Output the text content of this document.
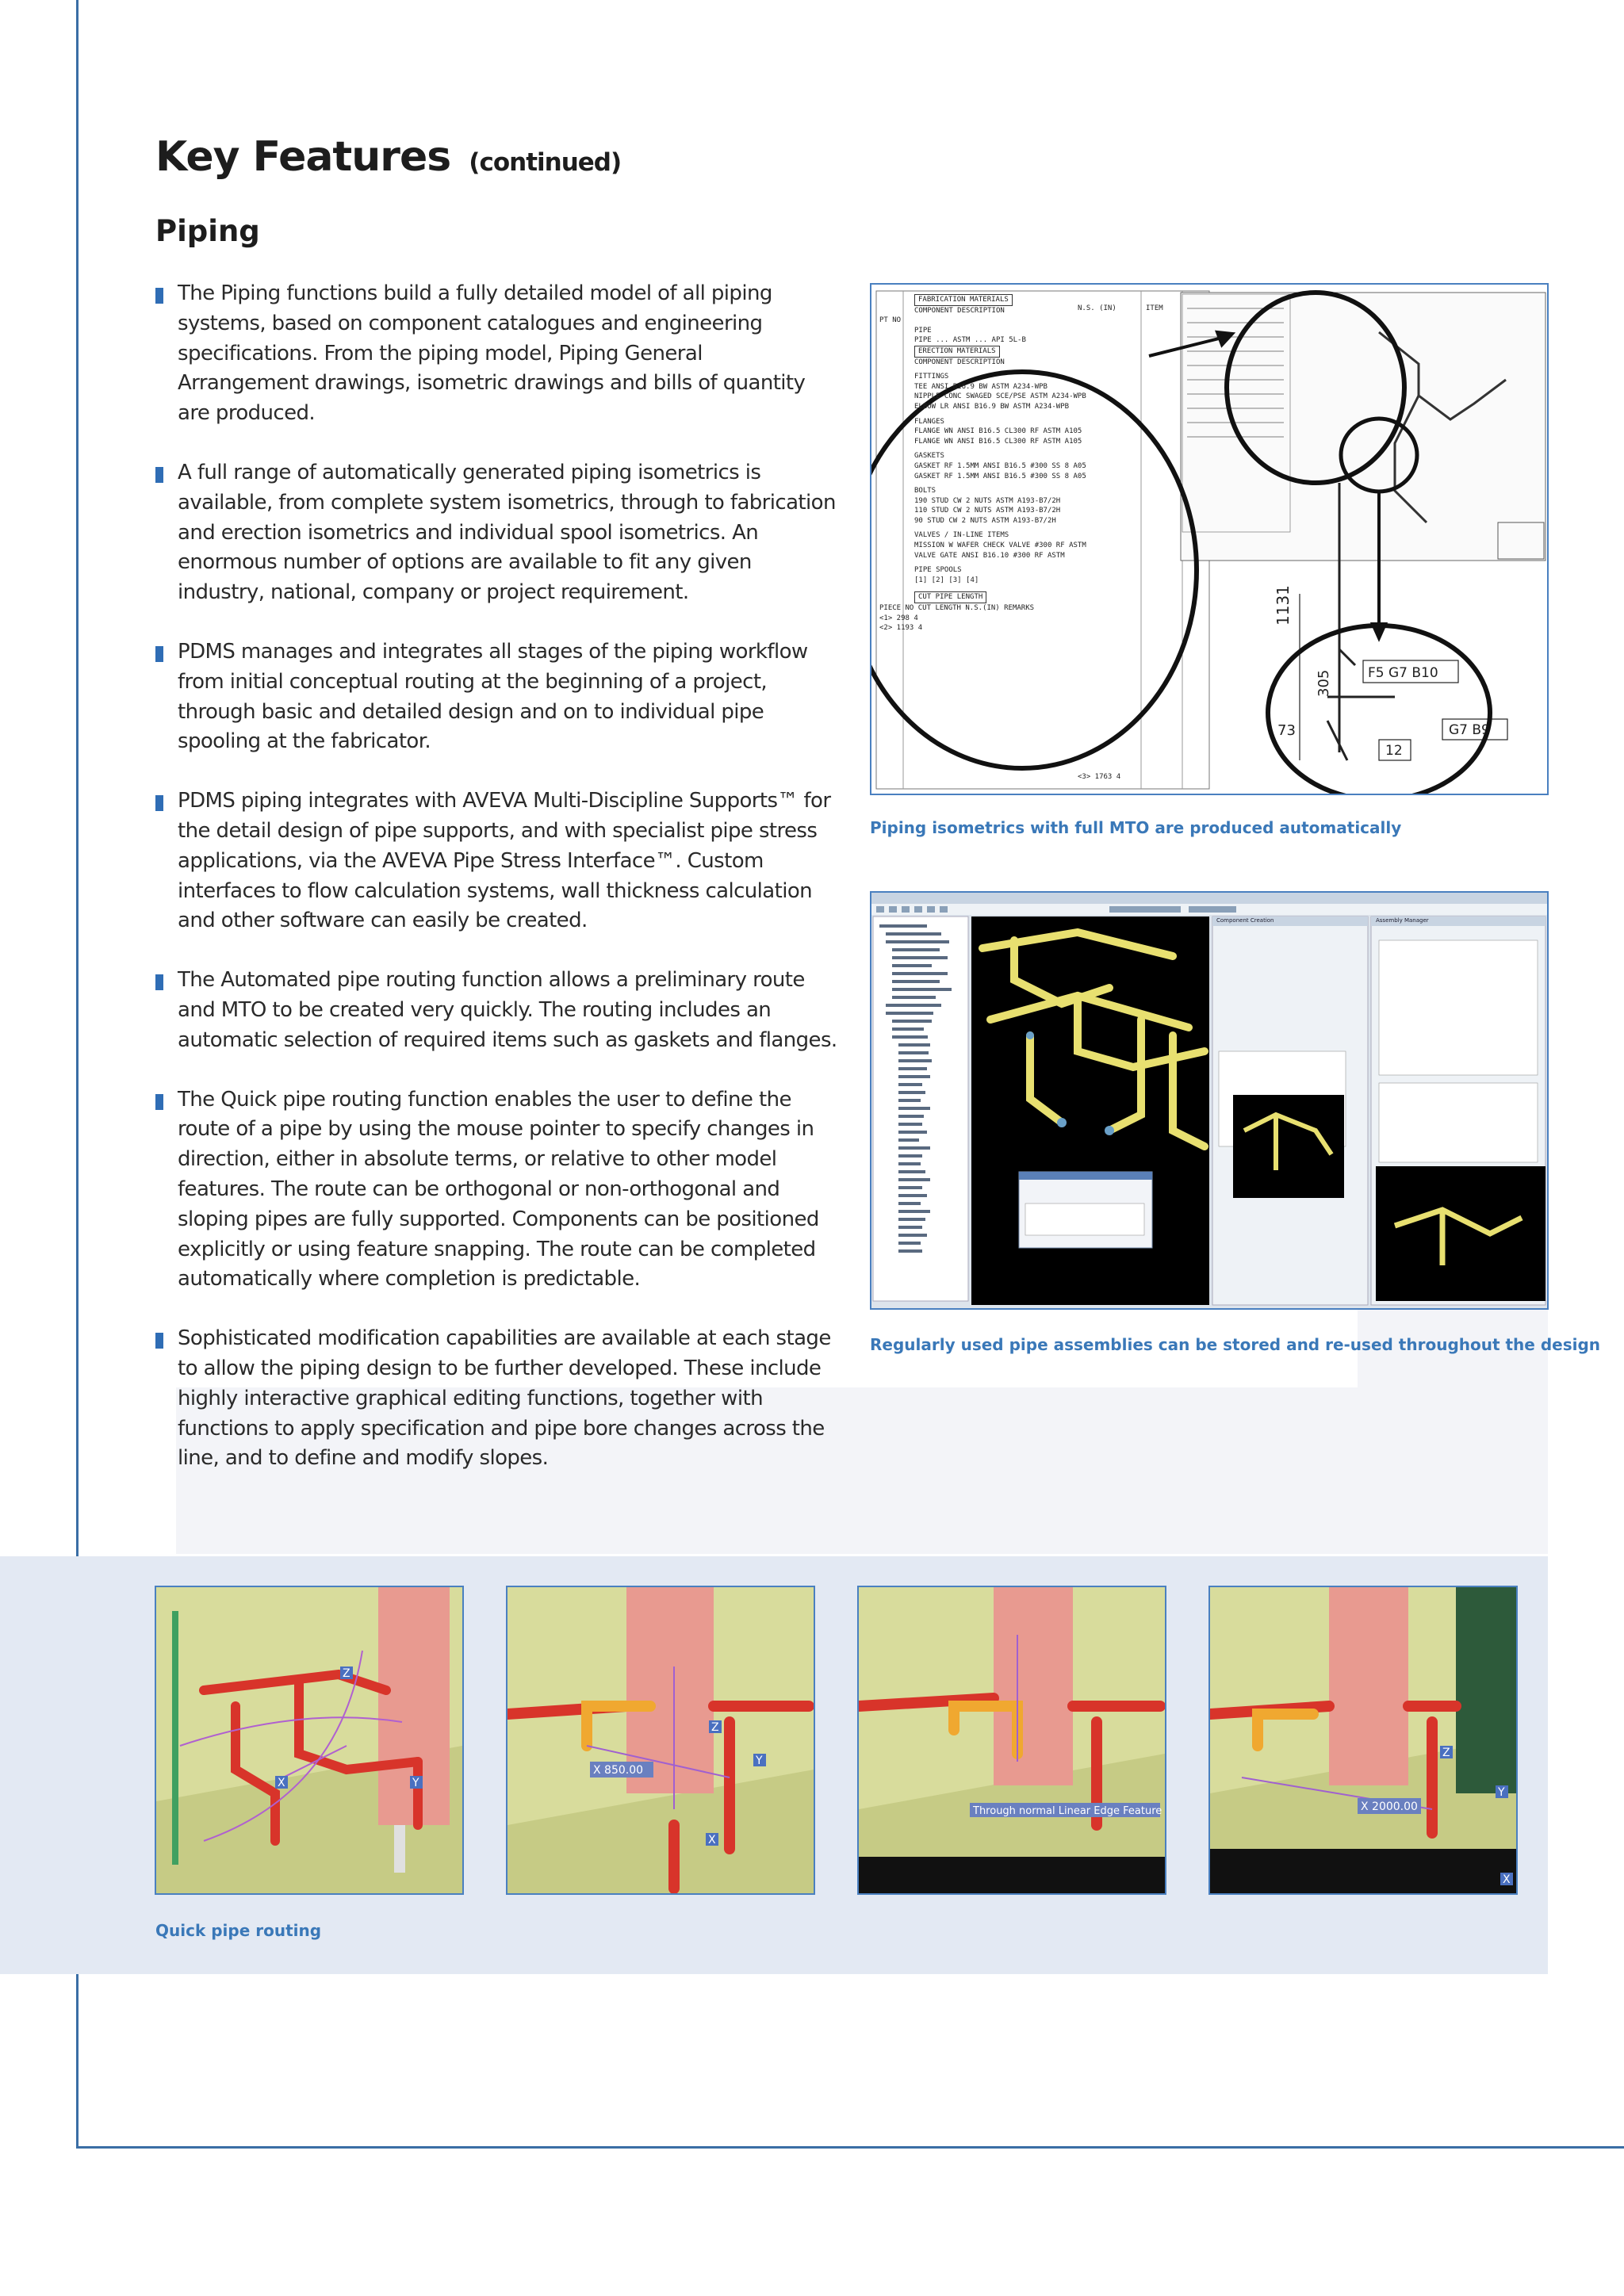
Key Features (continued)
Piping
The Piping functions build a fully detailed model of all piping systems, based on component catalogues and engineering specifications. From the piping model, Piping General Arrangement drawings, isometric drawings and bills of quantity are produced.
A full range of automatically generated piping isometrics is available, from complete system isometrics, through to fabrication and erection isometrics and individual spool isometrics. An enormous number of options are available to fit any given industry, national, company or project requirement.
PDMS manages and integrates all stages of the piping workflow from initial conceptual routing at the beginning of a project, through basic and detailed design and on to individual pipe spooling at the fabricator.
PDMS piping integrates with AVEVA Multi-Discipline Supports™ for the detail design of pipe supports, and with specialist pipe stress applications, via the AVEVA Pipe Stress Interface™. Custom interfaces to flow calculation systems, wall thickness calculation and other software can easily be created.
The Automated pipe routing function allows a preliminary route and MTO to be created very quickly. The routing includes an automatic selection of required items such as gaskets and flanges.
The Quick pipe routing function enables the user to define the route of a pipe by using the mouse pointer to specify changes in direction, either in absolute terms, or relative to other model features. The route can be orthogonal or non-orthogonal and sloping pipes are fully supported. Components can be positioned explicitly or using feature snapping. The route can be completed automatically where completion is predictable.
Sophisticated modification capabilities are available at each stage to allow the piping design to be further developed. These include highly interactive graphical editing functions, together with functions to apply specification and pipe bore changes across the line, and to define and modify slopes.
1131
305
73
F5 G7 B10
G7 B9
12
FABRICATION MATERIALS
COMPONENT DESCRIPTION
PT NO
PIPE
PIPE ... ASTM ... API 5L-B
ERECTION MATERIALS
COMPONENT DESCRIPTION
FITTINGS
TEE ANSI B16.9 BW ASTM A234-WPB
NIPPLE CONC SWAGED SCE/PSE ASTM A234-WPB
ELBOW LR ANSI B16.9 BW ASTM A234-WPB
FLANGES
FLANGE WN ANSI B16.5 CL300 RF ASTM A105
FLANGE WN ANSI B16.5 CL300 RF ASTM A105
GASKETS
GASKET RF 1.5MM ANSI B16.5 #300 SS 8 A05
GASKET RF 1.5MM ANSI B16.5 #300 SS 8 A05
BOLTS
190 STUD CW 2 NUTS ASTM A193-B7/2H
110 STUD CW 2 NUTS ASTM A193-B7/2H
90 STUD CW 2 NUTS ASTM A193-B7/2H
VALVES / IN-LINE ITEMS
MISSION W WAFER CHECK VALVE #300 RF ASTM
VALVE GATE ANSI B16.10 #300 RF ASTM
PIPE SPOOLS
[1] [2] [3] [4]
CUT PIPE LENGTH
PIECE NO CUT LENGTH N.S.(IN) REMARKS
<1> 298 4
<2> 1193 4
N.S. (IN)	ITEM
<3> 1763 4
Piping isometrics with full MTO are produced automatically
Component Creation	Assembly Manager
Regularly used pipe assemblies can be stored and re-used throughout the design
Z
X	Y
X 850.00
X
Y
Z
Through normal Linear Edge Feature	X 2000.00
Z
Y
X
Quick pipe routing
